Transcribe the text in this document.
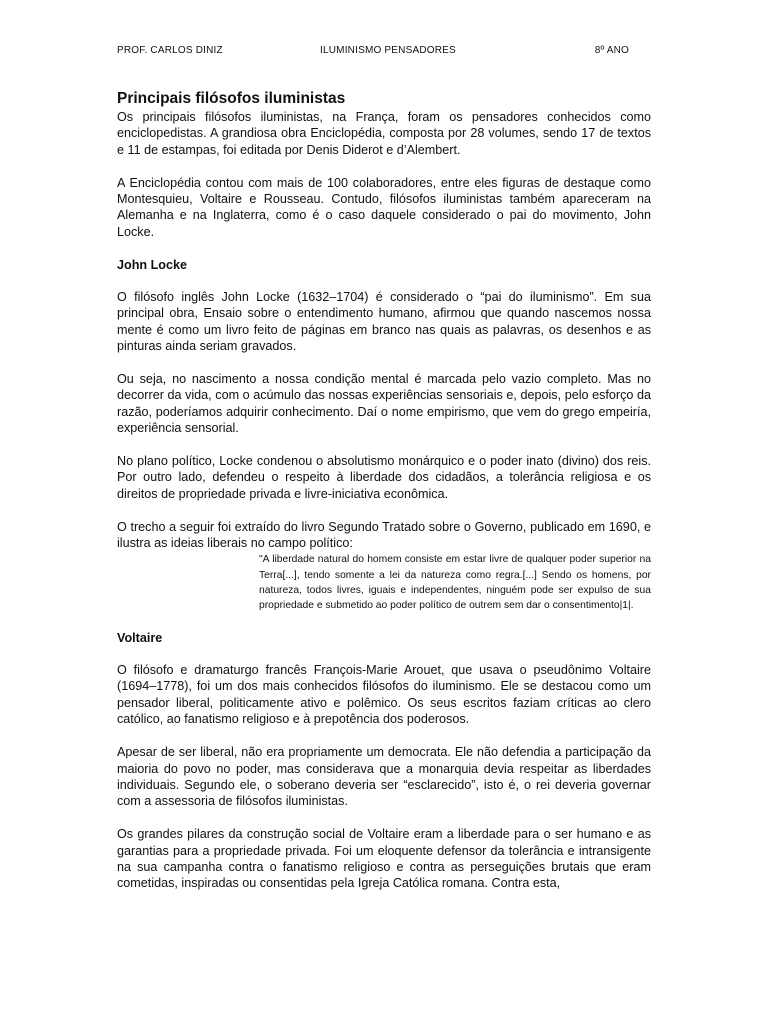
PROF. CARLOS DINIZ	ILUMINISMO PENSADORES	8º ANO
Principais filósofos iluministas

Os principais filósofos iluministas, na França, foram os pensadores conhecidos como enciclopedistas. A grandiosa obra Enciclopédia, composta por 28 volumes, sendo 17 de textos e 11 de estampas, foi editada por Denis Diderot e d’Alembert.

A Enciclopédia contou com mais de 100 colaboradores, entre eles figuras de destaque como Montesquieu, Voltaire e Rousseau. Contudo, filósofos iluministas também apareceram na Alemanha e na Inglaterra, como é o caso daquele considerado o pai do movimento, John Locke.

John Locke

O filósofo inglês John Locke (1632–1704) é considerado o “pai do iluminismo”. Em sua principal obra, Ensaio sobre o entendimento humano, afirmou que quando nascemos nossa mente é como um livro feito de páginas em branco nas quais as palavras, os desenhos e as pinturas ainda seriam gravados.

Ou seja, no nascimento a nossa condição mental é marcada pelo vazio completo. Mas no decorrer da vida, com o acúmulo das nossas experiências sensoriais e, depois, pelo esforço da razão, poderíamos adquirir conhecimento. Daí o nome empirismo, que vem do grego empeiría, experiência sensorial.

No plano político, Locke condenou o absolutismo monárquico e o poder inato (divino) dos reis. Por outro lado, defendeu o respeito à liberdade dos cidadãos, a tolerância religiosa e os direitos de propriedade privada e livre-iniciativa econômica.

O trecho a seguir foi extraído do livro Segundo Tratado sobre o Governo, publicado em 1690, e ilustra as ideias liberais no campo político:

"A liberdade natural do homem consiste em estar livre de qualquer poder superior na Terra[...], tendo somente a lei da natureza como regra.[...] Sendo os homens, por natureza, todos livres, iguais e independentes, ninguém pode ser expulso de sua propriedade e submetido ao poder político de outrem sem dar o consentimento|1|.
Voltaire

O filósofo e dramaturgo francês François-Marie Arouet, que usava o pseudônimo Voltaire (1694–1778), foi um dos mais conhecidos filósofos do iluminismo. Ele se destacou como um pensador liberal, politicamente ativo e polêmico. Os seus escritos faziam críticas ao clero católico, ao fanatismo religioso e à prepotência dos poderosos.

Apesar de ser liberal, não era propriamente um democrata. Ele não defendia a participação da maioria do povo no poder, mas considerava que a monarquia devia respeitar as liberdades individuais. Segundo ele, o soberano deveria ser “esclarecido”, isto é, o rei deveria governar com a assessoria de filósofos iluministas.

Os grandes pilares da construção social de Voltaire eram a liberdade para o ser humano e as garantias para a propriedade privada. Foi um eloquente defensor da tolerância e intransigente na sua campanha contra o fanatismo religioso e contra as perseguições brutais que eram cometidas, inspiradas ou consentidas pela Igreja Católica romana. Contra esta,
